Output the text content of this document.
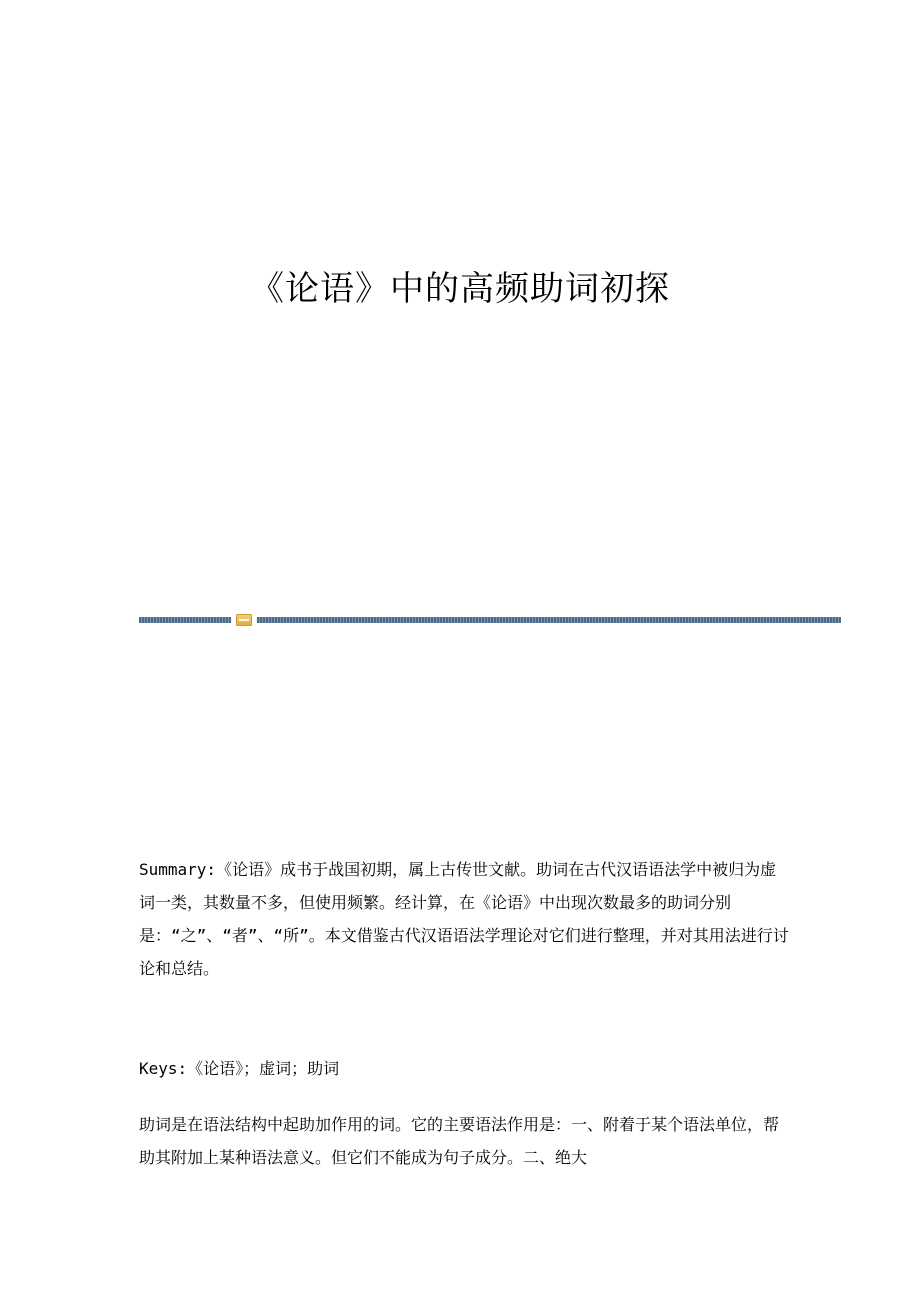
《论语》中的高频助词初探

Summary:《论语》成书于战国初期，属上古传世文献。助词在古代汉语语法学中被归为虚词一类，其数量不多，但使用频繁。经计算，在《论语》中出现次数最多的助词分别是：“之”、“者”、“所”。本文借鉴古代汉语语法学理论对它们进行整理，并对其用法进行讨论和总结。

Keys:《论语》；虚词；助词

助词是在语法结构中起助加作用的词。它的主要语法作用是：一、附着于某个语法单位，帮助其附加上某种语法意义。但它们不能成为句子成分。二、绝大
